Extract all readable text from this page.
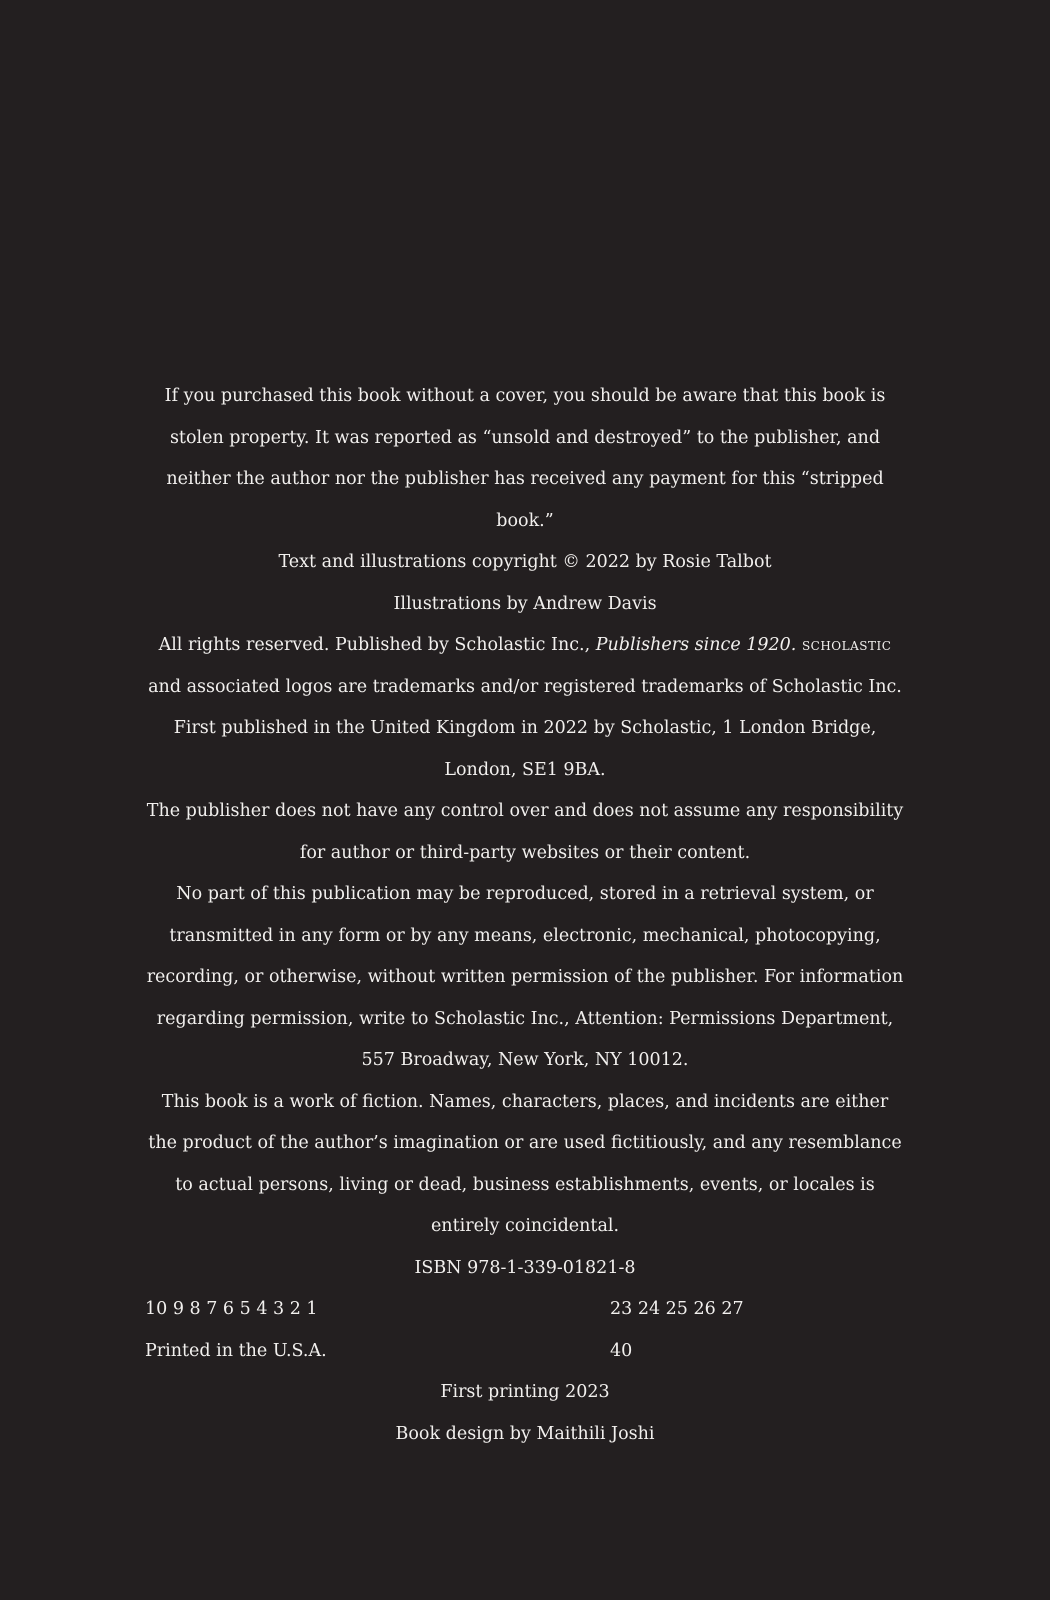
If you purchased this book without a cover, you should be aware that this book is stolen property. It was reported as “unsold and destroyed” to the publisher, and neither the author nor the publisher has received any payment for this “stripped book.”

Text and illustrations copyright © 2022 by Rosie Talbot

Illustrations by Andrew Davis

All rights reserved. Published by Scholastic Inc., Publishers since 1920. scholastic and associated logos are trademarks and/or registered trademarks of Scholastic Inc.

First published in the United Kingdom in 2022 by Scholastic, 1 London Bridge, London, SE1 9BA.

The publisher does not have any control over and does not assume any responsibility for author or third-party websites or their content.

No part of this publication may be reproduced, stored in a retrieval system, or transmitted in any form or by any means, electronic, mechanical, photocopying, recording, or otherwise, without written permission of the publisher. For information regarding permission, write to Scholastic Inc., Attention: Permissions Department, 557 Broadway, New York, NY 10012.

This book is a work of fiction. Names, characters, places, and incidents are either the product of the author’s imagination or are used fictitiously, and any resemblance to actual persons, living or dead, business establishments, events, or locales is entirely coincidental.

ISBN 978-1-339-01821-8

10 9 8 7 6 5 4 3 2 1	23 24 25 26 27
Printed in the U.S.A.	40

First printing 2023

Book design by Maithili Joshi
